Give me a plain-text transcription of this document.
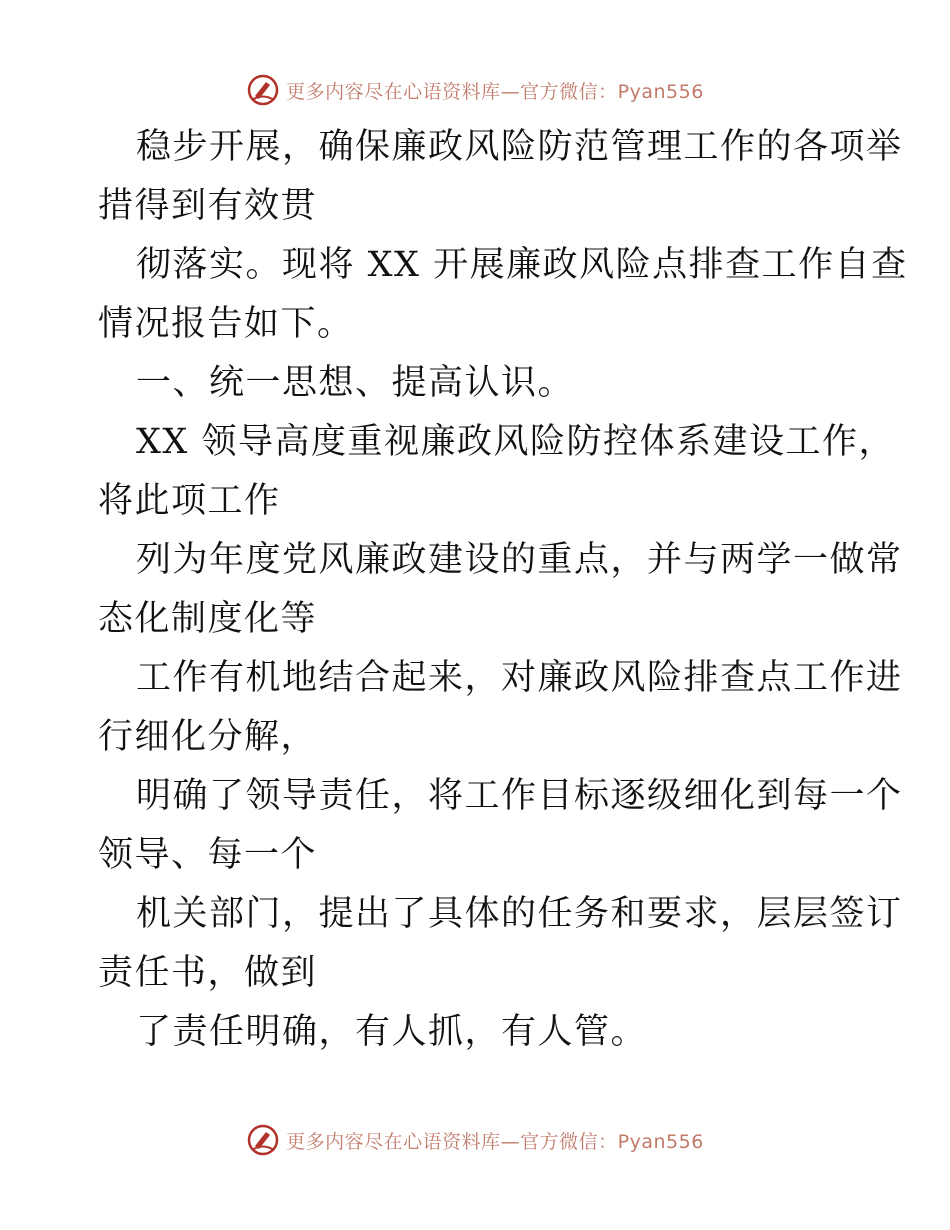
更多内容尽在心语资料库—官方微信：Pyan556
稳步开展，确保廉政风险防范管理工作的各项举
措得到有效贯
彻落实。现将 XX 开展廉政风险点排查工作自查
情况报告如下。
一、统一思想、提高认识。
XX 领导高度重视廉政风险防控体系建设工作，
将此项工作
列为年度党风廉政建设的重点，并与两学一做常
态化制度化等
工作有机地结合起来，对廉政风险排查点工作进
行细化分解，
明确了领导责任，将工作目标逐级细化到每一个
领导、每一个
机关部门，提出了具体的任务和要求，层层签订
责任书，做到
了责任明确，有人抓，有人管。
更多内容尽在心语资料库—官方微信：Pyan556
